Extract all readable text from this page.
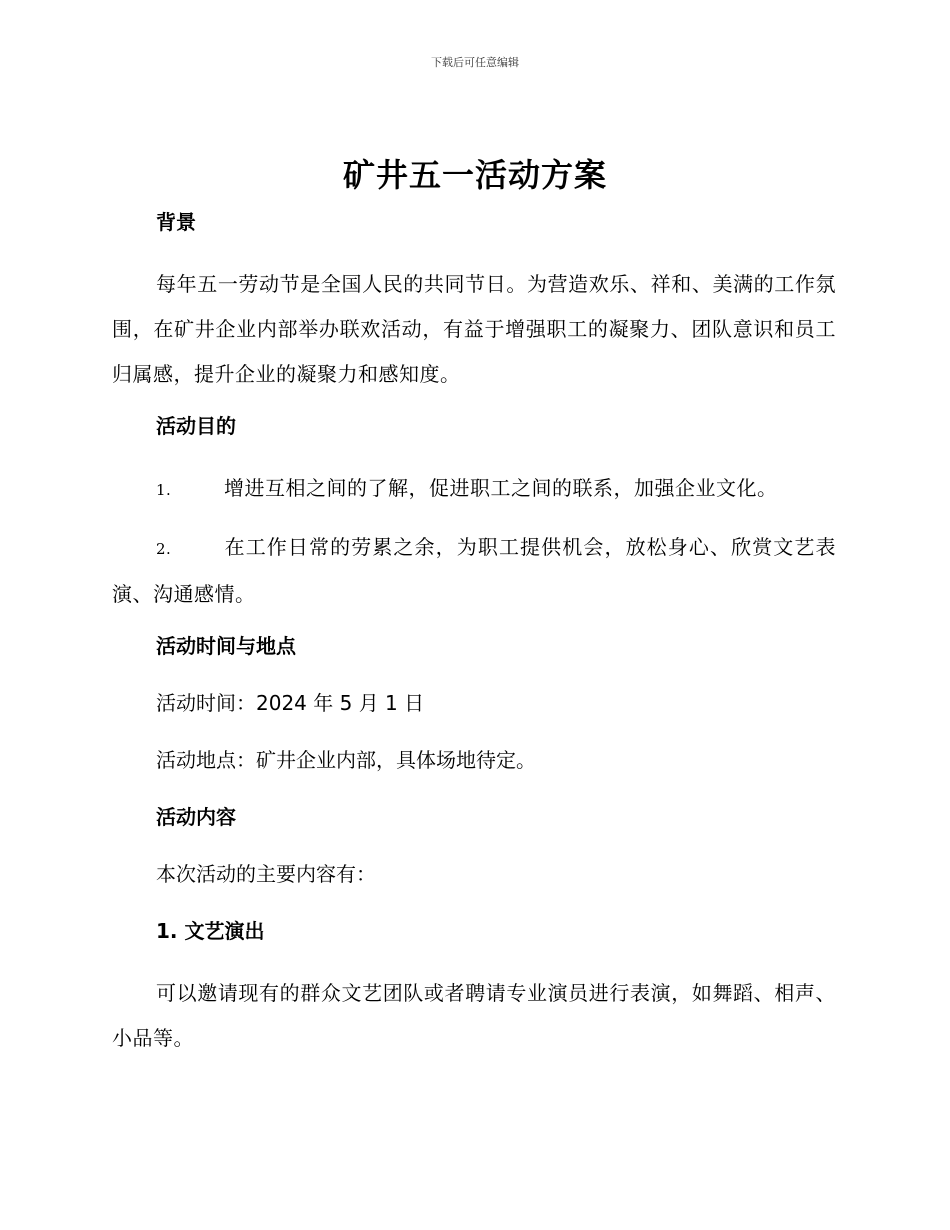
下载后可任意编辑
矿井五一活动方案
背景
每年五一劳动节是全国人民的共同节日。为营造欢乐、祥和、美满的工作氛围，在矿井企业内部举办联欢活动，有益于增强职工的凝聚力、团队意识和员工归属感，提升企业的凝聚力和感知度。
活动目的
1.	增进互相之间的了解，促进职工之间的联系，加强企业文化。
2.	在工作日常的劳累之余，为职工提供机会，放松身心、欣赏文艺表演、沟通感情。
活动时间与地点
活动时间：2024 年 5 月 1 日
活动地点：矿井企业内部，具体场地待定。
活动内容
本次活动的主要内容有：
1. 文艺演出
可以邀请现有的群众文艺团队或者聘请专业演员进行表演，如舞蹈、相声、小品等。
